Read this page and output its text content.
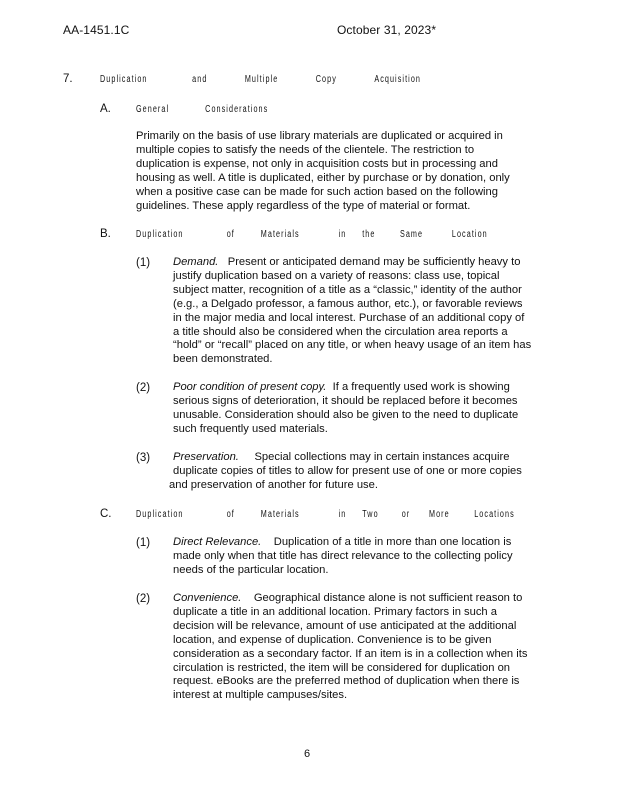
AA-1451.1C	October 31, 2023*
7.	Duplication	and	Multiple	Copy	Acquisition
A.	General	Considerations

Primarily on the basis of use library materials are duplicated or acquired in

multiple copies to satisfy the needs of the clientele. The restriction to

duplication is expense, not only in acquisition costs but in processing and

housing as well. A title is duplicated, either by purchase or by donation, only

when a positive case can be made for such action based on the following

guidelines. These apply regardless of the type of material or format.

B.	Duplication	of	Materials	in the Same	Location
(1) Demand. Present or anticipated demand may be sufficiently heavy to

justify duplication based on a variety of reasons: class use, topical

subject matter, recognition of a title as a “classic,” identity of the author

(e.g., a Delgado professor, a famous author, etc.), or favorable reviews

in the major media and local interest. Purchase of an additional copy of

a title should also be considered when the circulation area reports a

“hold” or “recall” placed on any title, or when heavy usage of an item has

been demonstrated.

(2) Poor condition of present copy. If a frequently used work is showing

serious signs of deterioration, it should be replaced before it becomes

unusable. Consideration should also be given to the need to duplicate

such frequently used materials.

(3) Preservation. Special collections may in certain instances acquire

duplicate copies of titles to allow for present use of one or more copies

and preservation of another for future use.

C. Duplication	of	Materials	in Two or More Locations
(1) Direct Relevance. Duplication of a title in more than one location is

made only when that title has direct relevance to the collecting policy

needs of the particular location.

(2) Convenience. Geographical distance alone is not sufficient reason to

duplicate a title in an additional location. Primary factors in such a

decision will be relevance, amount of use anticipated at the additional

location, and expense of duplication. Convenience is to be given

consideration as a secondary factor. If an item is in a collection when its

circulation is restricted, the item will be considered for duplication on

request. eBooks are the preferred method of duplication when there is

interest at multiple campuses/sites.

6
